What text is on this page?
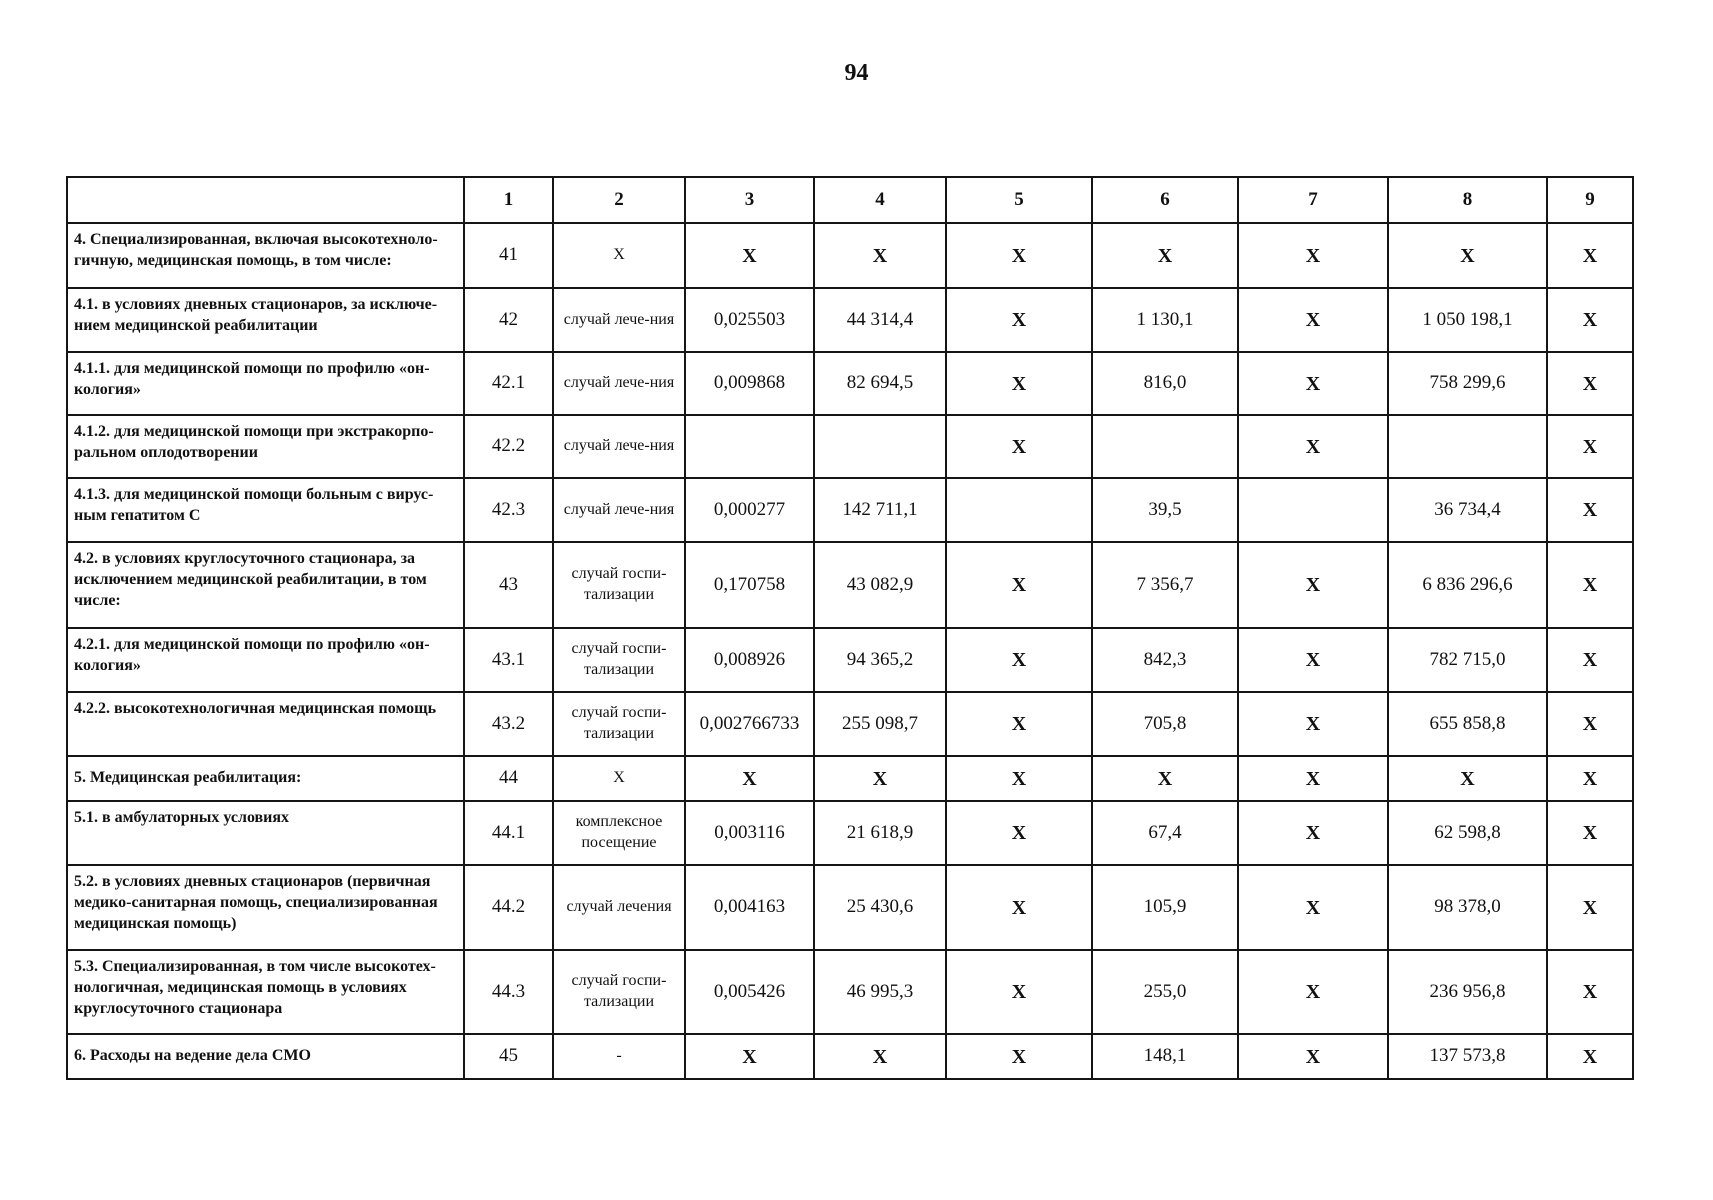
94
	1	2	3	4	5	6	7	8	9
4. Специализированная, включая высокотехноло-гичную, медицинская помощь, в том числе:	41	X	X	X	X	X	X	X	X
4.1. в условиях дневных стационаров, за исключе-нием медицинской реабилитации	42	случай лече-ния	0,025503	44 314,4	X	1 130,1	X	1 050 198,1	X
4.1.1. для медицинской помощи по профилю «он-кология»	42.1	случай лече-ния	0,009868	82 694,5	X	816,0	X	758 299,6	X
4.1.2. для медицинской помощи при экстракорпо-ральном оплодотворении	42.2	случай лече-ния			X		X		X
4.1.3. для медицинской помощи больным с вирус-ным гепатитом С	42.3	случай лече-ния	0,000277	142 711,1		39,5		36 734,4	X
4.2. в условиях круглосуточного стационара, за исключением медицинской реабилитации, в том числе:	43	случай госпи-тализации	0,170758	43 082,9	X	7 356,7	X	6 836 296,6	X
4.2.1. для медицинской помощи по профилю «он-кология»	43.1	случай госпи-тализации	0,008926	94 365,2	X	842,3	X	782 715,0	X
4.2.2. высокотехнологичная медицинская помощь	43.2	случай госпи-тализации	0,002766733	255 098,7	X	705,8	X	655 858,8	X
5. Медицинская реабилитация:	44	X	X	X	X	X	X	X	X
5.1. в амбулаторных условиях	44.1	комплексное посещение	0,003116	21 618,9	X	67,4	X	62 598,8	X
5.2. в условиях дневных стационаров (первичная медико-санитарная помощь, специализированная медицинская помощь)	44.2	случай лечения	0,004163	25 430,6	X	105,9	X	98 378,0	X
5.3. Специализированная, в том числе высокотех-нологичная, медицинская помощь в условиях круглосуточного стационара	44.3	случай госпи-тализации	0,005426	46 995,3	X	255,0	X	236 956,8	X
6. Расходы на ведение дела СМО	45	-	X	X	X	148,1	X	137 573,8	X
